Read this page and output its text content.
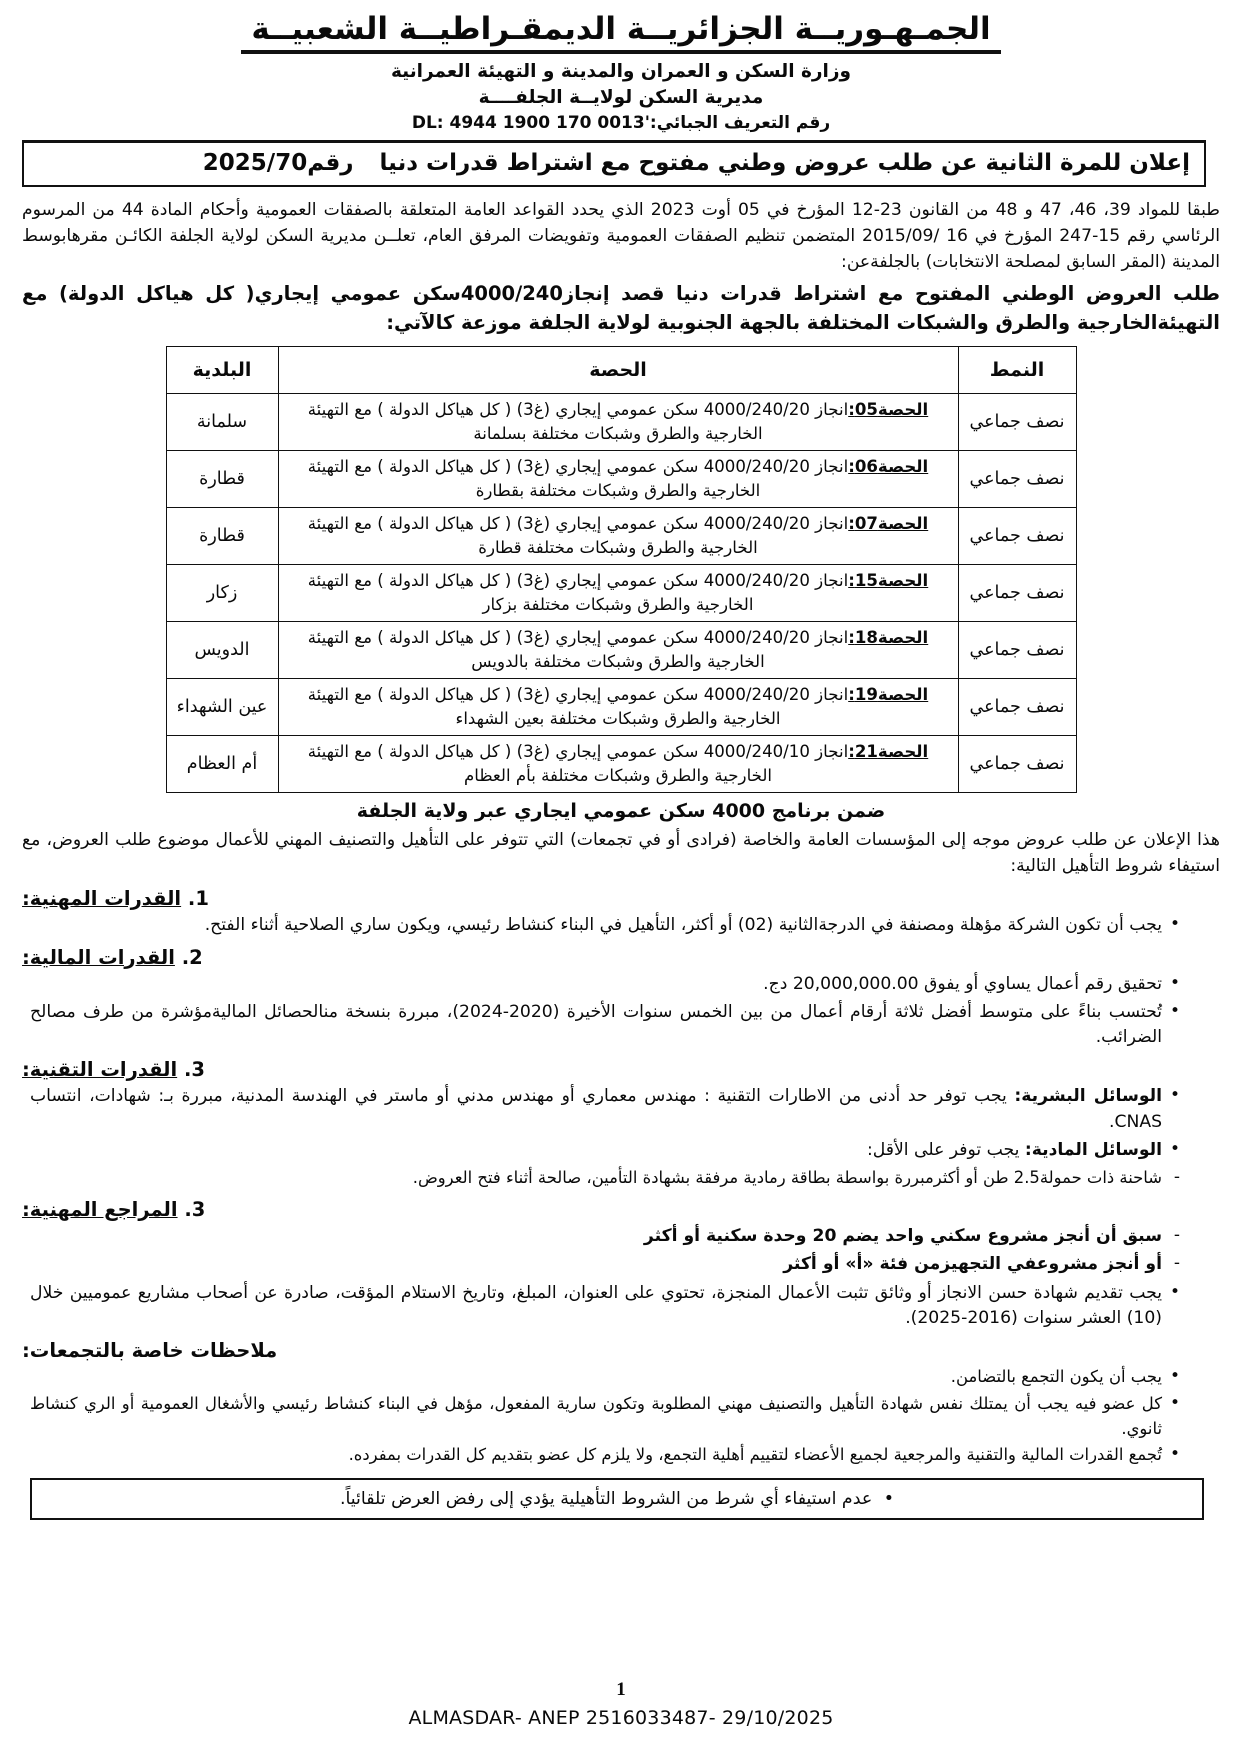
الجمـهـوريــة الجزائريــة الديمقـراطيــة الشعبيــة
وزارة السكن و العمران والمدينة و التهيئة العمرانية
مديرية السكن لولايــة الجلفــــة
رقم التعريف الجبائي:DL: 4944 1900 170 0013'
إعلان للمرة الثانية عن طلب عروض وطني مفتوح مع اشتراط قدرات دنيا
رقم2025/70

طبقا للمواد 39، 46، 47 و 48 من القانون 23-12 المؤرخ في 05 أوت 2023 الذي يحدد القواعد العامة المتعلقة بالصفقات العمومية وأحكام المادة 44 من المرسوم الرئاسي رقم 15-247 المؤرخ في 16 /2015/09 المتضمن تنظيم الصفقات العمومية وتفويضات المرفق العام، تعلــن مديرية السكن لولاية الجلفة الكائـن مقرهابوسط المدينة (المقر السابق لمصلحة الانتخابات) بالجلفةعن:

طلب العروض الوطني المفتوح مع اشتراط قدرات دنيا قصد إنجاز4000/240سكن عمومي إيجاري( كل هياكل الدولة) مع التهيئةالخارجية والطرق والشبكات المختلفة بالجهة الجنوبية لولاية الجلفة موزعة كالآتي:
النمط	الحصة	البلدية
نصف جماعي	الحصة05:انجاز 4000/240/20 سكن عمومي إيجاري (غ3) ( كل هياكل الدولة ) مع التهيئة الخارجية والطرق وشبكات مختلفة بسلمانة	سلمانة
نصف جماعي	الحصة06:انجاز 4000/240/20 سكن عمومي إيجاري (غ3) ( كل هياكل الدولة ) مع التهيئة الخارجية والطرق وشبكات مختلفة بقطارة	قطارة
نصف جماعي	الحصة07:انجاز 4000/240/20 سكن عمومي إيجاري (غ3) ( كل هياكل الدولة ) مع التهيئة الخارجية والطرق وشبكات مختلفة قطارة	قطارة
نصف جماعي	الحصة15:انجاز 4000/240/20 سكن عمومي إيجاري (غ3) ( كل هياكل الدولة ) مع التهيئة الخارجية والطرق وشبكات مختلفة بزكار	زكار
نصف جماعي	الحصة18:انجاز 4000/240/20 سكن عمومي إيجاري (غ3) ( كل هياكل الدولة ) مع التهيئة الخارجية والطرق وشبكات مختلفة بالدويس	الدويس
نصف جماعي	الحصة19:انجاز 4000/240/20 سكن عمومي إيجاري (غ3) ( كل هياكل الدولة ) مع التهيئة الخارجية والطرق وشبكات مختلفة بعين الشهداء	عين الشهداء
نصف جماعي	الحصة21:انجاز 4000/240/10 سكن عمومي إيجاري (غ3) ( كل هياكل الدولة ) مع التهيئة الخارجية والطرق وشبكات مختلفة بأم العظام	أم العظام
ضمن برنامج 4000 سكن عمومي ايجاري عبر ولاية الجلفة
هذا الإعلان عن طلب عروض موجه إلى المؤسسات العامة والخاصة (فرادى أو في تجمعات) التي تتوفر على التأهيل والتصنيف المهني للأعمال موضوع طلب العروض، مع استيفاء شروط التأهيل التالية:
1. القدرات المهنية:
• يجب أن تكون الشركة مؤهلة ومصنفة في الدرجةالثانية (02) أو أكثر، التأهيل في البناء كنشاط رئيسي، ويكون ساري الصلاحية أثناء الفتح.
2. القدرات المالية:
• تحقيق رقم أعمال يساوي أو يفوق 20,000,000.00 دج.
• تُحتسب بناءً على متوسط أفضل ثلاثة أرقام أعمال من بين الخمس سنوات الأخيرة (2020-2024)، مبررة بنسخة منالحصائل الماليةمؤشرة من طرف مصالح الضرائب.
3. القدرات التقنية:
• الوسائل البشرية: يجب توفر حد أدنى من الاطارات التقنية : مهندس معماري أو مهندس مدني أو ماستر في الهندسة المدنية، مبررة بـ: شهادات، انتساب CNAS.
• الوسائل المادية: يجب توفر على الأقل:
- شاحنة ذات حمولة2.5 طن أو أكثرمبررة بواسطة بطاقة رمادية مرفقة بشهادة التأمين، صالحة أثناء فتح العروض.
3. المراجع المهنية:
- سبق أن أنجز مشروع سكني واحد يضم 20 وحدة سكنية أو أكثر
- أو أنجز مشروعفي التجهيزمن فئة «أ» أو أكثر
• يجب تقديم شهادة حسن الانجاز أو وثائق تثبت الأعمال المنجزة، تحتوي على العنوان، المبلغ، وتاريخ الاستلام المؤقت، صادرة عن أصحاب مشاريع عموميين خلال (10) العشر سنوات (2016-2025).
ملاحظات خاصة بالتجمعات:
• يجب أن يكون التجمع بالتضامن.
• كل عضو فيه يجب أن يمتلك نفس شهادة التأهيل والتصنيف مهني المطلوبة وتكون سارية المفعول، مؤهل في البناء كنشاط رئيسي والأشغال العمومية أو الري كنشاط ثانوي.
• تُجمع القدرات المالية والتقنية والمرجعية لجميع الأعضاء لتقييم أهلية التجمع، ولا يلزم كل عضو بتقديم كل القدرات بمفرده.
• عدم استيفاء أي شرط من الشروط التأهيلية يؤدي إلى رفض العرض تلقائياً.
1
ALMASDAR- ANEP 2516033487- 29/10/2025
